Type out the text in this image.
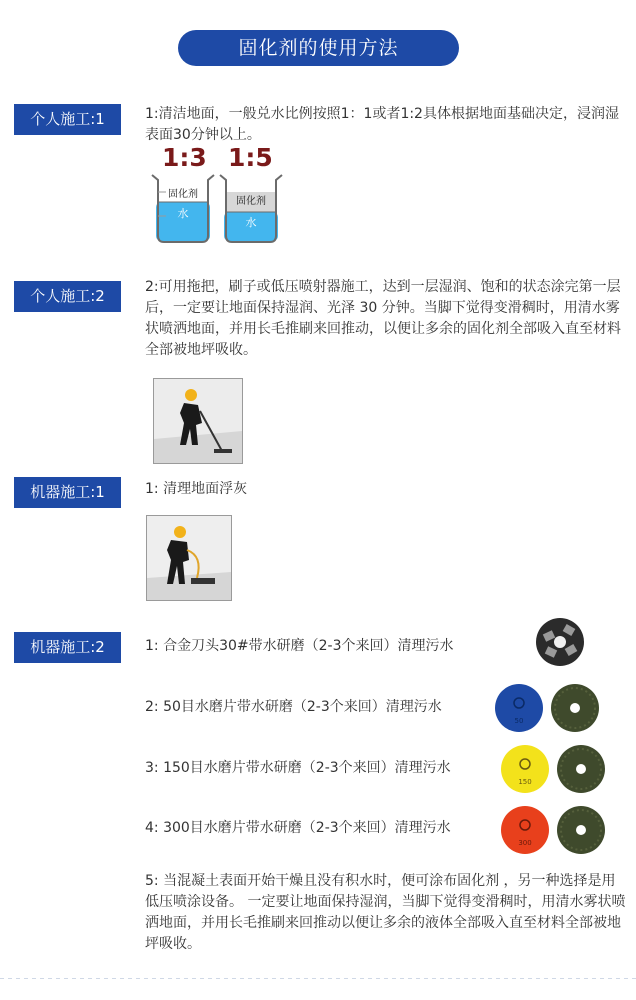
固化剂的使用方法
个人施工:1	1:清洁地面，一般兑水比例按照1：1或者1:2具体根据地面基础决定，浸润湿表面30分钟以上。
1:3 1:5
固化剂
水
固化剂
水
个人施工:2	2:可用拖把，刷子或低压喷射器施工，达到一层湿润、饱和的状态涂完第一层后，一定要让地面保持湿润、光泽 30 分钟。当脚下觉得变滑稠时，用清水雾状喷洒地面，并用长毛推刷来回推动，以便让多余的固化剂全部吸入直至材料全部被地坪吸收。
机器施工:1	1: 清理地面浮灰
机器施工:2	1: 合金刀头30#带水研磨（2-3个来回）清理污水
2: 50目水磨片带水研磨（2-3个来回）清理污水
50
3: 150目水磨片带水研磨（2-3个来回）清理污水
150
4: 300目水磨片带水研磨（2-3个来回）清理污水
300
5: 当混凝土表面开始干燥且没有积水时，便可涂布固化剂 ，另一种选择是用低压喷涂设备。 一定要让地面保持湿润，当脚下觉得变滑稠时，用清水雾状喷洒地面，并用长毛推刷来回推动以便让多余的液体全部吸入直至材料全部被地坪吸收。
